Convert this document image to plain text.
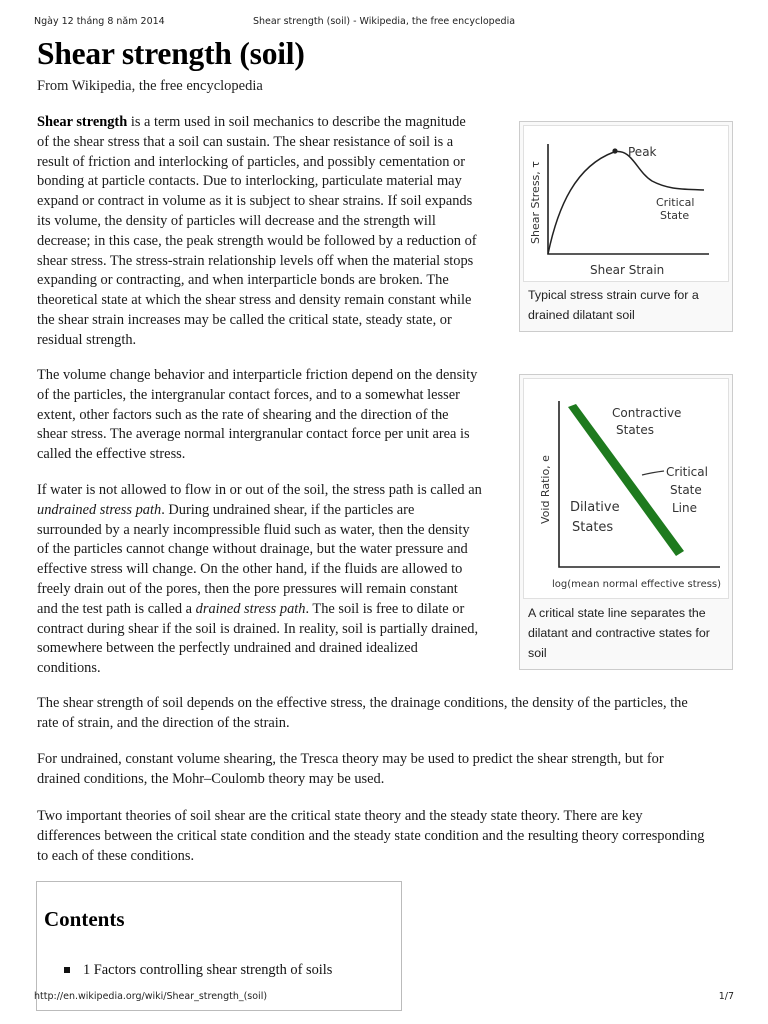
Ngày 12 tháng 8 năm 2014	Shear strength (soil) - Wikipedia, the free encyclopedia
Shear strength (soil)
From Wikipedia, the free encyclopedia
Shear strength is a term used in soil mechanics to describe the magnitude
of the shear stress that a soil can sustain. The shear resistance of soil is a
result of friction and interlocking of particles, and possibly cementation or
bonding at particle contacts. Due to interlocking, particulate material may
expand or contract in volume as it is subject to shear strains. If soil expands
its volume, the density of particles will decrease and the strength will
decrease; in this case, the peak strength would be followed by a reduction of
shear stress. The stress-strain relationship levels off when the material stops
expanding or contracting, and when interparticle bonds are broken. The
theoretical state at which the shear stress and density remain constant while
the shear strain increases may be called the critical state, steady state, or
residual strength.
The volume change behavior and interparticle friction depend on the density
of the particles, the intergranular contact forces, and to a somewhat lesser
extent, other factors such as the rate of shearing and the direction of the
shear stress. The average normal intergranular contact force per unit area is
called the effective stress.
If water is not allowed to flow in or out of the soil, the stress path is called an
undrained stress path. During undrained shear, if the particles are
surrounded by a nearly incompressible fluid such as water, then the density
of the particles cannot change without drainage, but the water pressure and
effective stress will change. On the other hand, if the fluids are allowed to
freely drain out of the pores, then the pore pressures will remain constant
and the test path is called a drained stress path. The soil is free to dilate or
contract during shear if the soil is drained. In reality, soil is partially drained,
somewhere between the perfectly undrained and drained idealized
conditions.
The shear strength of soil depends on the effective stress, the drainage conditions, the density of the particles, the
rate of strain, and the direction of the strain.
For undrained, constant volume shearing, the Tresca theory may be used to predict the shear strength, but for
drained conditions, the Mohr–Coulomb theory may be used.
Two important theories of soil shear are the critical state theory and the steady state theory. There are key
differences between the critical state condition and the steady state condition and the resulting theory corresponding
to each of these conditions.
Peak
Critical
State
Shear Strain
Shear Stress, τ
Typical stress strain curve for a
drained dilatant soil
Contractive
States
Critical
State
Line
Dilative
States
log(mean normal effective stress)
Void Ratio, e
A critical state line separates the
dilatant and contractive states for
soil
Contents
1 Factors controlling shear strength of soils
http://en.wikipedia.org/wiki/Shear_strength_(soil)	1/7
